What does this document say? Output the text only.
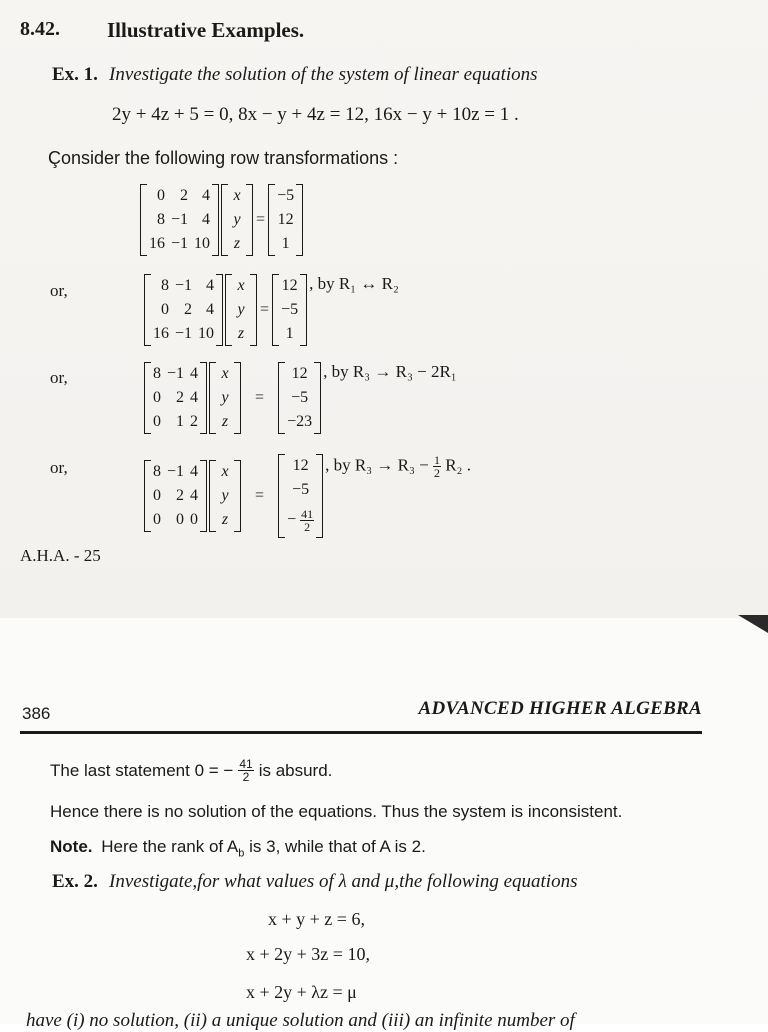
8.42. Illustrative Examples.
Ex. 1. Investigate the solution of the system of linear equations
2y + 4z + 5 = 0, 8x − y + 4z = 12, 16x − y + 10z = 1 .
Çonsider the following row transformations :
0	2	4
8	−1	4
16	−1	10
x
y
z
=
−5
12
1
or,	8	−1	4
0	2	4
16	−1	10
x
y
z
=
12
−5
1
, by R₁ ↔ R₂
or,	8	−1	4
0	2	4
0	1	2
x
y
z
=
12
−5
−23
, by R₃ → R₃ − 2R₁
or,	8	−1	4
0	2	4
0	0	0
x
y
z
=
12
−5
− $\frac{41}{2}$
, by $R_3 \to R_3 - \frac{1}{2} R_2$ .
A.H.A. - 25
386	ADVANCED HIGHER ALGEBRA
The last statement 0 = − $\frac{41}{2}$ is absurd.
Hence there is no solution of the equations. Thus the system is inconsistent.
Note. Here the rank of $A_b$ is 3, while that of A is 2.
Ex. 2. Investigate,for what values of λ and μ,the following equations
x + y + z = 6,
x + 2y + 3z = 10,
x + 2y + λz = μ
have (i) no solution, (ii) a unique solution and (iii) an infinite number of
